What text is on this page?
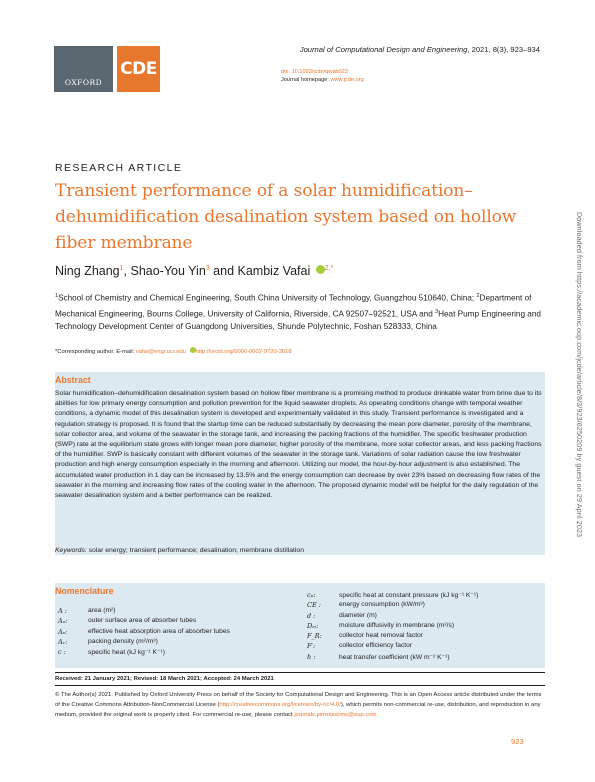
OXFORD
CDE
Journal of Computational Design and Engineering, 2021, 8(3), 923–934
doi: 10.1093/jcde/qwab023
Journal homepage: www.jcde.org
RESEARCH ARTICLE
Transient performance of a solar humidification–dehumidification desalination system based on hollow fiber membrane
Ning Zhang$^1$, Shao-You Yin$^3$ and Kambiz Vafai $^{2,*}$
$^1$School of Chemistry and Chemical Engineering, South China University of Technology, Guangzhou 510640, China; $^2$Department of Mechanical Engineering, Bourns College, University of California, Riverside, CA 92507–92521, USA and $^3$Heat Pump Engineering and Technology Development Center of Guangdong Universities, Shunde Polytechnic, Foshan 528333, China
*Corresponding author. E-mail: vafai@engr.ucr.edu http://orcid.org/0000-0002-9720-3618
Abstract
Solar humidification–dehumidification desalination system based on hollow fiber membrane is a promising method to produce drinkable water from brine due to its abilities for low primary energy consumption and pollution prevention for the liquid seawater droplets. As operating conditions change with temporal weather conditions, a dynamic model of this desalination system is developed and experimentally validated in this study. Transient performance is investigated and a regulation strategy is proposed. It is found that the startup time can be reduced substantially by decreasing the mean pore diameter, porosity of the membrane, solar collector area, and volume of the seawater in the storage tank, and increasing the packing fractions of the humidifier. The specific freshwater production (SWP) rate at the equilibrium state grows with longer mean pore diameter, higher porosity of the membrane, more solar collector areas, and less packing fractions of the humidifier. SWP is basically constant with different volumes of the seawater in the storage tank. Variations of solar radiation cause the low freshwater production and high energy consumption especially in the morning and afternoon. Utilizing our model, the hour-by-hour adjustment is also established. The accumulated water production in 1 day can be increased by 13.5% and the energy consumption can decrease by over 23% based on decreasing flow rates of the seawater in the morning and increasing flow rates of the cooling water in the afternoon. The proposed dynamic model will be helpful for the daily regulation of the seawater desalination system and a better performance can be realized.
Keywords: solar energy; transient performance; desalination; membrane distillation
Nomenclature
A :	area (m²)
Aₒ:	outer surface area of absorber tubes
Aₑ:	effective heat absorption area of absorber tubes
Aᵥ:	packing density (m²/m³)
c :	specific heat (kJ kg⁻¹ K⁻¹)
cₚ:	specific heat at constant pressure (kJ kg⁻¹ K⁻¹)
CE :	energy consumption (kW/m³)
d :	diameter (m)
Dₘ:	moisture diffusivity in membrane (m²/s)
F_R:	collector heat removal factor
F′:	collector efficiency factor
h :	heat transfer coefficient (kW m⁻² K⁻¹)
Received: 21 January 2021; Revised: 18 March 2021; Accepted: 24 March 2021
© The Author(s) 2021. Published by Oxford University Press on behalf of the Society for Computational Design and Engineering. This is an Open Access article distributed under the terms of the Creative Commons Attribution-NonCommercial License (http://creativecommons.org/licenses/by-nc/4.0/), which permits non-commercial re-use, distribution, and reproduction in any medium, provided the original work is properly cited. For commercial re-use, please contact journals.permissions@oup.com
923
Downloaded from https://academic.oup.com/jcde/article/8/3/923/6250209 by guest on 29 April 2023
